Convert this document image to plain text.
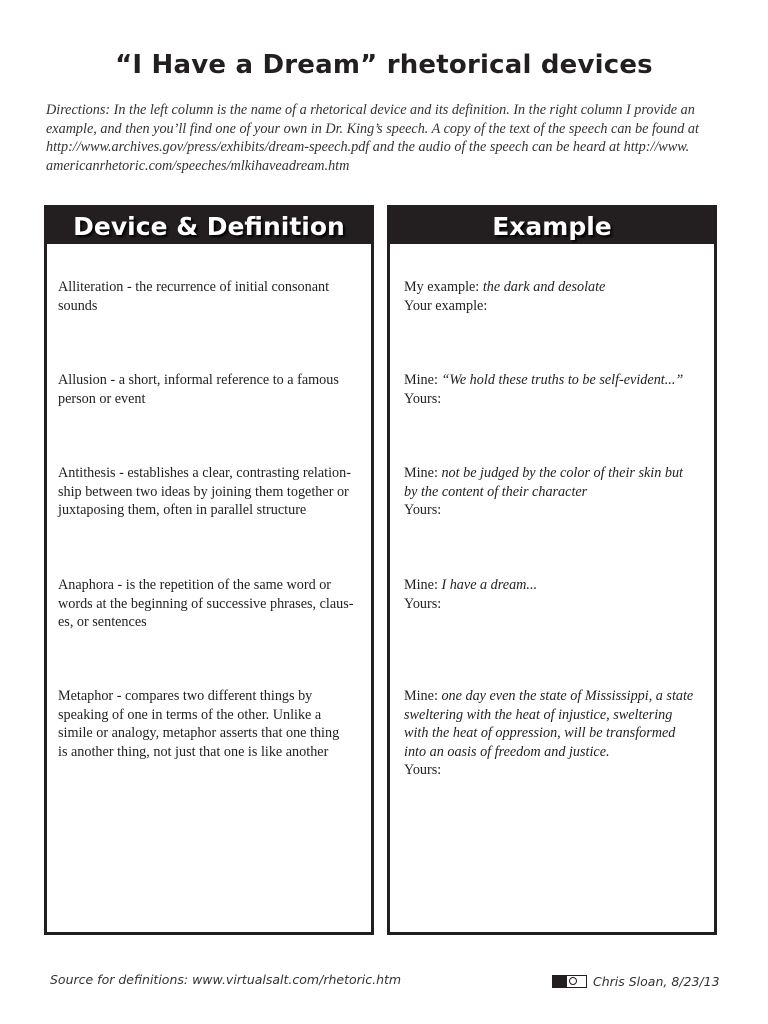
“I Have a Dream” rhetorical devices
Directions: In the left column is the name of a rhetorical device and its definition. In the right column I provide an
example, and then you’ll find one of your own in Dr. King’s speech. A copy of the text of the speech can be found at
http://www.archives.gov/press/exhibits/dream-speech.pdf and the audio of the speech can be heard at http://www.
americanrhetoric.com/speeches/mlkihaveadream.htm
Device & Definition
Alliteration - the recurrence of initial consonant
sounds
Allusion - a short, informal reference to a famous
person or event
Antithesis - establishes a clear, contrasting relation-
ship between two ideas by joining them together or
juxtaposing them, often in parallel structure
Anaphora - is the repetition of the same word or
words at the beginning of successive phrases, claus-
es, or sentences
Metaphor - compares two different things by
speaking of one in terms of the other. Unlike a
simile or analogy, metaphor asserts that one thing
is another thing, not just that one is like another
Example
My example: the dark and desolate
Your example:
Mine: “We hold these truths to be self-evident...”
Yours:
Mine: not be judged by the color of their skin but
by the content of their character
Yours:
Mine: I have a dream...
Yours:
Mine: one day even the state of Mississippi, a state
sweltering with the heat of injustice, sweltering
with the heat of oppression, will be transformed
into an oasis of freedom and justice.
Yours:
Source for definitions: www.virtualsalt.com/rhetoric.htm	Chris Sloan, 8/23/13
